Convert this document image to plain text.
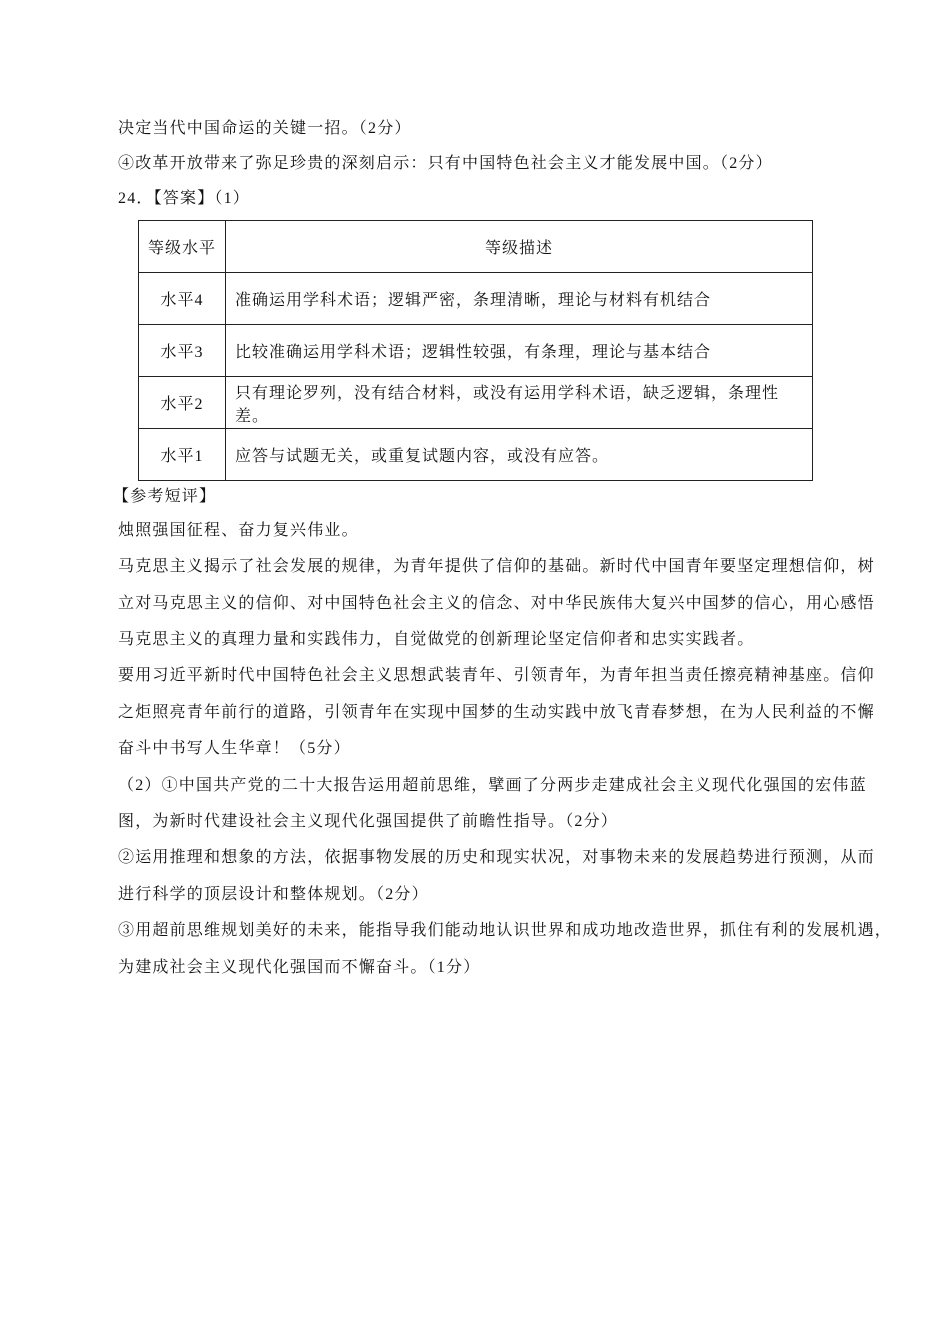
决定当代中国命运的关键一招。（2分）
④改革开放带来了弥足珍贵的深刻启示：只有中国特色社会主义才能发展中国。（2分）
24．【答案】（1）
等级水平	等级描述
水平4	准确运用学科术语；逻辑严密，条理清晰，理论与材料有机结合
水平3	比较准确运用学科术语；逻辑性较强，有条理，理论与基本结合
水平2	只有理论罗列，没有结合材料，或没有运用学科术语，缺乏逻辑，条理性差。
水平1	应答与试题无关，或重复试题内容，或没有应答。
【参考短评】
烛照强国征程、奋力复兴伟业。
马克思主义揭示了社会发展的规律，为青年提供了信仰的基础。新时代中国青年要坚定理想信仰，树
立对马克思主义的信仰、对中国特色社会主义的信念、对中华民族伟大复兴中国梦的信心，用心感悟
马克思主义的真理力量和实践伟力，自觉做党的创新理论坚定信仰者和忠实实践者。
要用习近平新时代中国特色社会主义思想武装青年、引领青年，为青年担当责任擦亮精神基座。信仰
之炬照亮青年前行的道路，引领青年在实现中国梦的生动实践中放飞青春梦想，在为人民利益的不懈
奋斗中书写人生华章！（5分）
（2）①中国共产党的二十大报告运用超前思维，擘画了分两步走建成社会主义现代化强国的宏伟蓝
图，为新时代建设社会主义现代化强国提供了前瞻性指导。（2分）
②运用推理和想象的方法，依据事物发展的历史和现实状况，对事物未来的发展趋势进行预测，从而
进行科学的顶层设计和整体规划。（2分）
③用超前思维规划美好的未来，能指导我们能动地认识世界和成功地改造世界，抓住有利的发展机遇，
为建成社会主义现代化强国而不懈奋斗。（1分）
